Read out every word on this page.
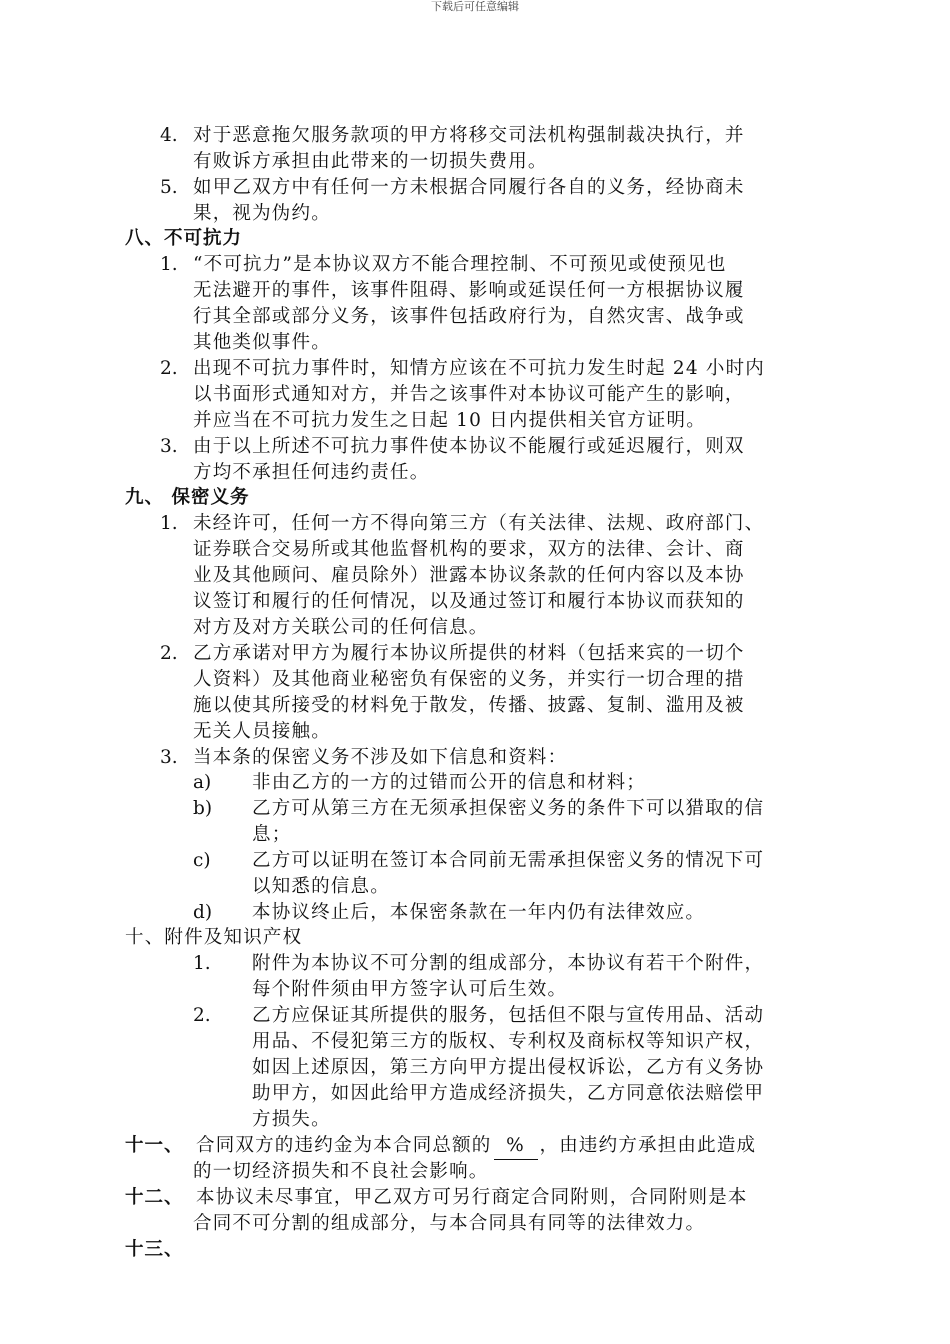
下载后可任意编辑
4. 对于恶意拖欠服务款项的甲方将移交司法机构强制裁决执行，并
有败诉方承担由此带来的一切损失费用。
5. 如甲乙双方中有任何一方未根据合同履行各自的义务，经协商未
果，视为伪约。
八、不可抗力
1. “不可抗力”是本协议双方不能合理控制、不可预见或使预见也
无法避开的事件，该事件阻碍、影响或延误任何一方根据协议履
行其全部或部分义务，该事件包括政府行为，自然灾害、战争或
其他类似事件。
2. 出现不可抗力事件时，知情方应该在不可抗力发生时起 24 小时内
以书面形式通知对方，并告之该事件对本协议可能产生的影响，
并应当在不可抗力发生之日起 10 日内提供相关官方证明。
3. 由于以上所述不可抗力事件使本协议不能履行或延迟履行，则双
方均不承担任何违约责任。
九、 保密义务
1. 未经许可，任何一方不得向第三方（有关法律、法规、政府部门、
证券联合交易所或其他监督机构的要求，双方的法律、会计、商
业及其他顾问、雇员除外）泄露本协议条款的任何内容以及本协
议签订和履行的任何情况，以及通过签订和履行本协议而获知的
对方及对方关联公司的任何信息。
2. 乙方承诺对甲方为履行本协议所提供的材料（包括来宾的一切个
人资料）及其他商业秘密负有保密的义务，并实行一切合理的措
施以使其所接受的材料免于散发，传播、披露、复制、滥用及被
无关人员接触。
3. 当本条的保密义务不涉及如下信息和资料：
a) 非由乙方的一方的过错而公开的信息和材料；
b) 乙方可从第三方在无须承担保密义务的条件下可以猎取的信
息；
c) 乙方可以证明在签订本合同前无需承担保密义务的情况下可
以知悉的信息。
d) 本协议终止后，本保密条款在一年内仍有法律效应。
十、附件及知识产权
1. 附件为本协议不可分割的组成部分，本协议有若干个附件，
每个附件须由甲方签字认可后生效。
2. 乙方应保证其所提供的服务，包括但不限与宣传用品、活动
用品、不侵犯第三方的版权、专利权及商标权等知识产权，
如因上述原因，第三方向甲方提出侵权诉讼，乙方有义务协
助甲方，如因此给甲方造成经济损失，乙方同意依法赔偿甲
方损失。
十一、 合同双方的违约金为本合同总额的% ，由违约方承担由此造成
的一切经济损失和不良社会影响。
十二、 本协议未尽事宜，甲乙双方可另行商定合同附则，合同附则是本
合同不可分割的组成部分，与本合同具有同等的法律效力。
十三、
